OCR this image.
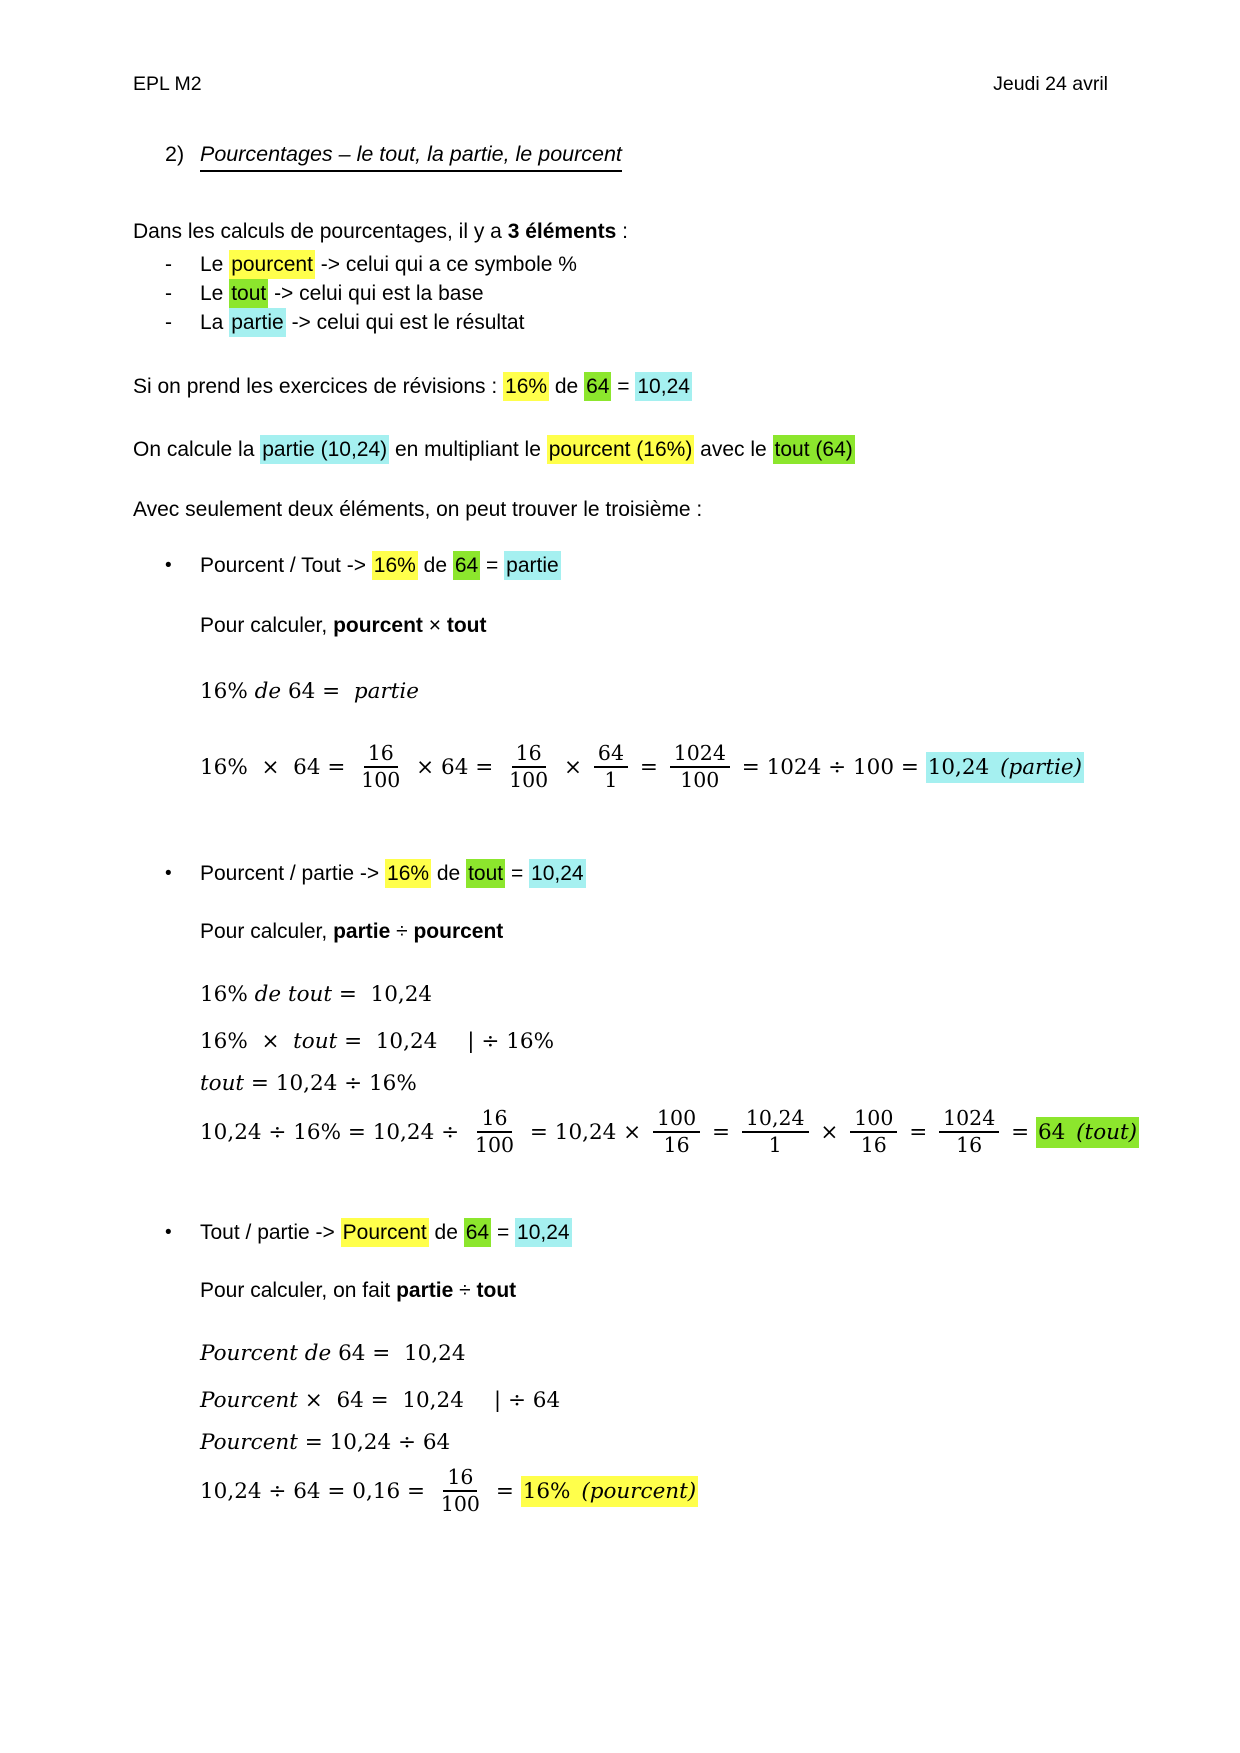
EPL M2	Jeudi 24 avril
2) Pourcentages – le tout, la partie, le pourcent

Dans les calculs de pourcentages, il y a 3 éléments :

-	Le pourcent -> celui qui a ce symbole %
-	Le tout -> celui qui est la base
-	La partie -> celui qui est le résultat

Si on prend les exercices de révisions : 16% de 64 = 10,24

On calcule la partie (10,24) en multipliant le pourcent (16%) avec le tout (64)

Avec seulement deux éléments, on peut trouver le troisième :

•	Pourcent / Tout -> 16% de 64 = partie
Pour calculer, pourcent × tout
16% de 64 = partie
$16\% \times 64 = \frac{16}{100} \times 64 = \frac{16}{100} \times \frac{64}{1} = \frac{1024}{100} = 1024 \div 100 = 10,24$ (partie)
•	Pourcent / partie -> 16% de tout = 10,24
Pour calculer, partie ÷ pourcent
16% de tout =  10,24
16%  × tout =  10,24 | ÷ 16%
tout = 10,24 ÷ 16%
$10,24 \div 16\% = 10,24 \div \frac{16}{100} = 10,24 \times \frac{100}{16} = \frac{10,24}{1} \times \frac{100}{16} = \frac{1024}{16} = 64$ (tout)
•	Tout / partie -> Pourcent de 64 = 10,24
Pour calculer, on fait partie ÷ tout
Pourcent de 64 =  10,24
Pourcent ×  64 =  10,24 | ÷ 64
Pourcent = 10,24 ÷ 64
$10,24 \div 64 = 0,16 = \frac{16}{100} = 16\%$ (pourcent)
